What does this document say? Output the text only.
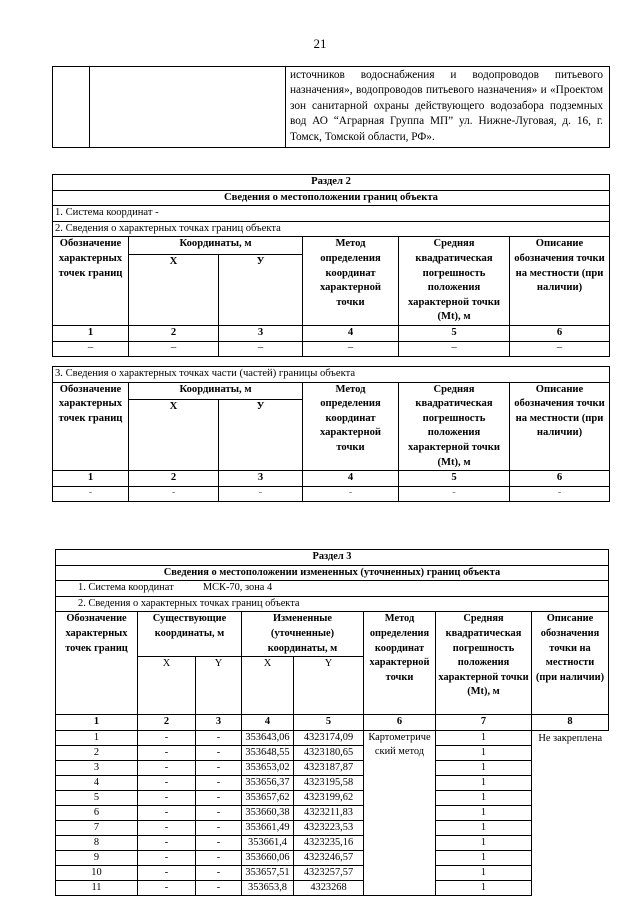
21
		источников водоснабжения и водопроводов питьевого назначения», водопроводов питьевого назначения» и «Проектом зон санитарной охраны действующего водозабора подземных вод АО “Аграрная Группа МП” ул. Нижне-Луговая, д. 16, г. Томск, Томской области, РФ».
Раздел 2					
Сведения о местоположении границ объекта					
1. Система координат -					
2. Сведения о характерных точках границ объекта					
Обозначение характерных точек границ	Координаты, м		Метод определения координат характерной точки	Средняя квадратическая погрешность положения характерной точки (Mt), м	Описание обозначения точки на местности (при наличии)
	Х	У			
1	2	3	4	5	6
–	–	–	–	–	–
3. Сведения о характерных точках части (частей) границы объекта					
Обозначение характерных точек границ	Координаты, м		Метод определения координат характерной точки	Средняя квадратическая погрешность положения характерной точки (Mt), м	Описание обозначения точки на местности (при наличии)
	Х	У			
1	2	3	4	5	6
-	-	-	-	-	-
Раздел 3							
Сведения о местоположении измененных (уточненных) границ объекта							
1. Система координат МСК-70, зона 4							
2. Сведения о характерных точках границ объекта							
Обозначение характерных точек границ	Существующие координаты, м		Измененные (уточненные) координаты, м		Метод определения координат характерной точки	Средняя квадратическая погрешность положения характерной точки (Mt), м	Описание обозначения точки на местности (при наличии)
	X	Y	X	Y			
1	2	3	4	5	6	7	8
1	-	-	353643,06	4323174,09	Картометрический метод	1	Не закреплена
2	-	-	353648,55	4323180,65		1	
3	-	-	353653,02	4323187,87		1	
4	-	-	353656,37	4323195,58		1	
5	-	-	353657,62	4323199,62		1	
6	-	-	353660,38	4323211,83		1	
7	-	-	353661,49	4323223,53		1	
8	-	-	353661,4	4323235,16		1	
9	-	-	353660,06	4323246,57		1	
10	-	-	353657,51	4323257,57		1	
11	-	-	353653,8	4323268		1	
